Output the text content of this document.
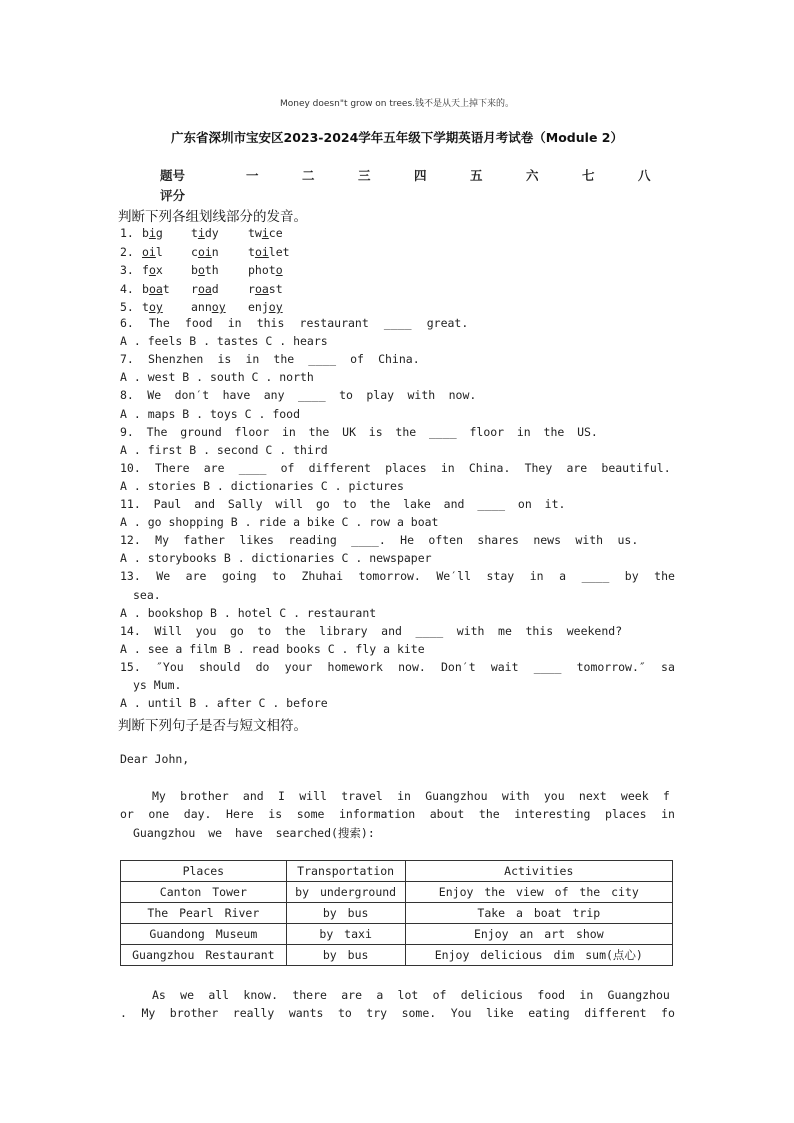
Money doesn"t grow on trees.钱不是从天上掉下来的。
广东省深圳市宝安区2023-2024学年五年级下学期英语月考试卷（Module 2）
题号	一	二	三	四	五	六	七	八
评分
判断下列各组划线部分的发音。
1. big tidy	twice
2. oil coin	toilet
3. fox both	photo
4. boat road	roast
5. toy annoy enjoy
6. The food in this restaurant ____ great.
A . feels B . tastes C . hears
7. Shenzhen is in the ____ of China.
A . west B . south C . north
8. We don′t have any ____ to play with now.
A . maps B . toys C . food
9. The ground floor in the UK is the ____ floor in the US.
A . first B . second C . third
10. There are ____ of different places in China. They are beautiful.
A . stories B . dictionaries C . pictures
11. Paul and Sally will go to the lake and ____ on it.
A . go shopping B . ride a bike C . row a boat
12. My father likes reading ____. He often shares news with us.
A . storybooks B . dictionaries C . newspaper
13. We are going to Zhuhai tomorrow. We′ll stay in a ____ by the
sea.
A . bookshop B . hotel C . restaurant
14. Will you go to the library and ____ with me this weekend?
A . see a film B . read books C . fly a kite
15. ″You should do your homework now. Don′t wait ____ tomorrow.″ sa
ys Mum.
A . until B . after C . before
判断下列句子是否与短文相符。
Dear John,
My brother and I will travel in Guangzhou with you next week f
or one day. Here is some information about the interesting places in
Guangzhou we have searched(搜索):
Places	Transportation	Activities
Canton Tower	by underground	Enjoy the view of the city
The Pearl River	by bus	Take a boat trip
Guandong Museum	by taxi	Enjoy an art show
Guangzhou Restaurant	by bus	Enjoy delicious dim sum(点心)
As we all know. there are a lot of delicious food in Guangzhou
. My brother really wants to try some. You like eating different fo
